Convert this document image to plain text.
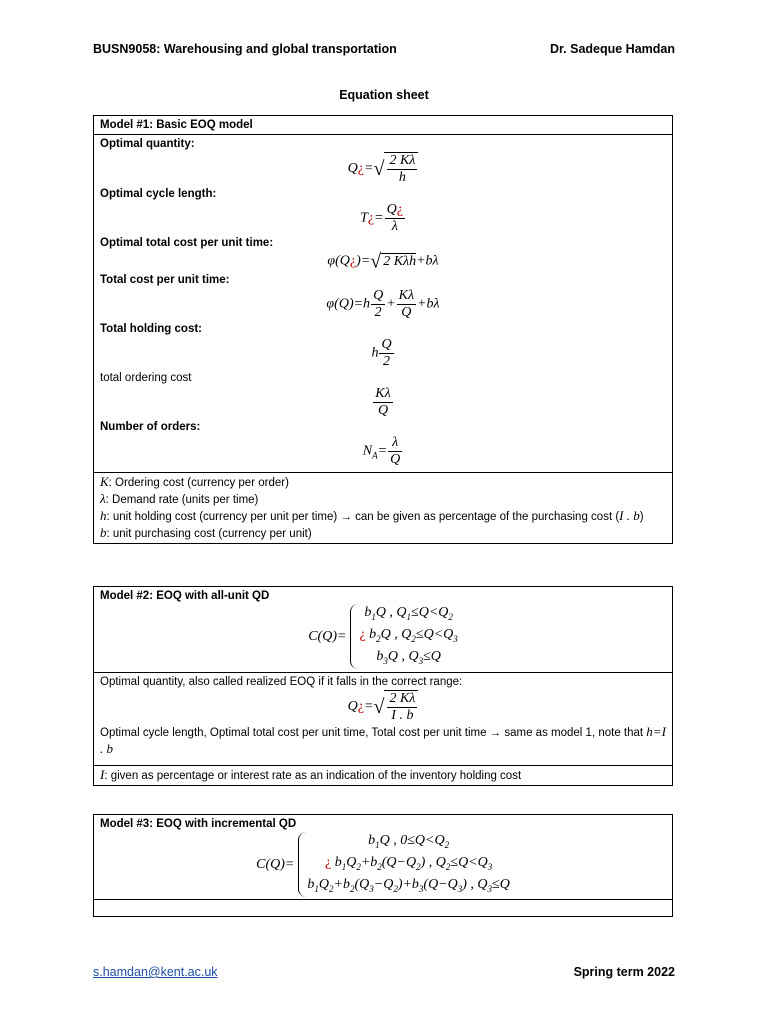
BUSN9058: Warehousing and global transportation	Dr. Sadeque Hamdan
Equation sheet
Model #1: Basic EOQ model
Optimal quantity:
Q¿=√ $\frac{2 K\lambda}{h}$
Optimal cycle length:
T¿= $\frac{Q¿}{\lambda}$
Optimal total cost per unit time:
φ(Q¿)=√ 2 Kλh+bλ
Total cost per unit time:
$\varphi(Q)=h \frac{Q}{2} + \frac{K\lambda}{Q} +b\lambda$
Total holding cost:
h $\frac{Q}{2}$
total ordering cost
$\frac{K\lambda}{Q}$
Number of orders:
$N_A= \frac{\lambda}{Q}$
K: Ordering cost (currency per order)
λ: Demand rate (units per time)
h: unit holding cost (currency per unit per time) → can be given as percentage of the purchasing cost (I . b)
b: unit purchasing cost (currency per unit)
Model #2: EOQ with all-unit QD
C(Q)=
$b_1Q$ , $Q_1\le Q<Q_2$
¿ $b_2Q$ , $Q_2\le Q<Q_3$
$b_3Q$ , $Q_3\le Q$
Optimal quantity, also called realized EOQ if it falls in the correct range:
Q¿=√ $\frac{2 K\lambda}{I . b}$
Optimal cycle length, Optimal total cost per unit time, Total cost per unit time → same as model 1, note that h=I . b
I: given as percentage or interest rate as an indication of the inventory holding cost
Model #3: EOQ with incremental QD
C(Q)=
$b_1Q$ , $0\le Q<Q_2$
¿ $b_1Q_2+b_2(Q-Q_2)$ , $Q_2\le Q<Q_3$
$b_1Q_2+b_2(Q_3-Q_2)+b_3(Q-Q_3)$ , $Q_3\le Q$
s.hamdan@kent.ac.uk	Spring term 2022
